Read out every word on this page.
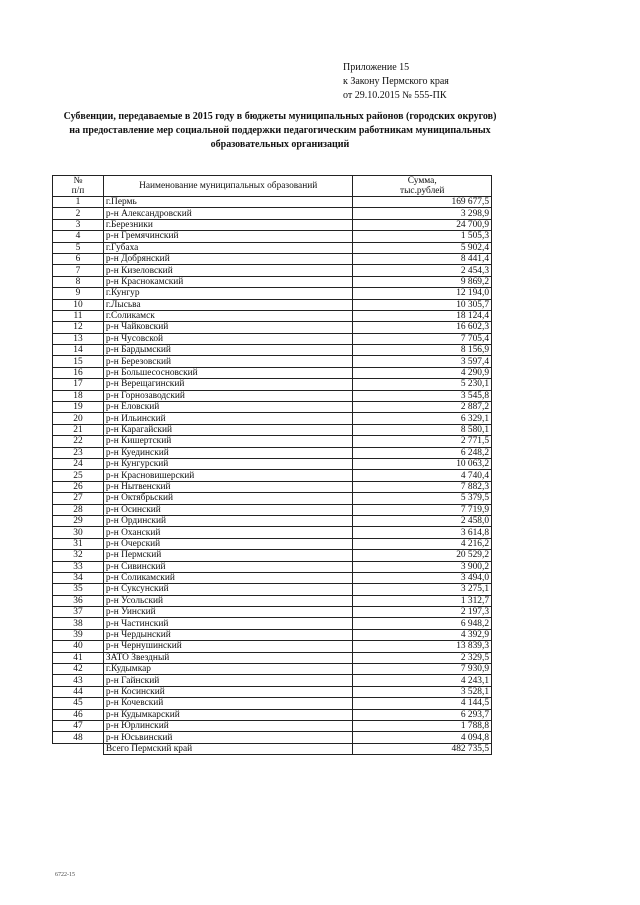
Приложение 15
к Закону Пермского края
от 29.10.2015 № 555-ПК
Субвенции, передаваемые в 2015 году в бюджеты муниципальных районов (городских округов) на предоставление мер социальной поддержки педагогическим работникам муниципальных образовательных организаций
№
п/п	Наименование муниципальных образований	Сумма,
тыс.рублей
1	г.Пермь	169 677,5
2	р-н Александровский	3 298,9
3	г.Березники	24 700,9
4	р-н Гремячинский	1 505,3
5	г.Губаха	5 902,4
6	р-н Добрянский	8 441,4
7	р-н Кизеловский	2 454,3
8	р-н Краснокамский	9 869,2
9	г.Кунгур	12 194,0
10	г.Лысьва	10 305,7
11	г.Соликамск	18 124,4
12	р-н Чайковский	16 602,3
13	р-н Чусовской	7 705,4
14	р-н Бардымский	8 156,9
15	р-н Березовский	3 597,4
16	р-н Большесосновский	4 290,9
17	р-н Верещагинский	5 230,1
18	р-н Горнозаводский	3 545,8
19	р-н Еловский	2 887,2
20	р-н Ильинский	6 329,1
21	р-н Карагайский	8 580,1
22	р-н Кишертский	2 771,5
23	р-н Куединский	6 248,2
24	р-н Кунгурский	10 063,2
25	р-н Красновишерский	4 740,4
26	р-н Нытвенский	7 882,3
27	р-н Октябрьский	5 379,5
28	р-н Осинский	7 719,9
29	р-н Ординский	2 458,0
30	р-н Оханский	3 614,8
31	р-н Очерский	4 216,2
32	р-н Пермский	20 529,2
33	р-н Сивинский	3 900,2
34	р-н Соликамский	3 494,0
35	р-н Суксунский	3 275,1
36	р-н Усольский	1 312,7
37	р-н Уинский	2 197,3
38	р-н Частинский	6 948,2
39	р-н Чердынский	4 392,9
40	р-н Чернушинский	13 839,3
41	ЗАТО Звездный	2 329,5
42	г.Кудымкар	7 930,9
43	р-н Гайнский	4 243,1
44	р-н Косинский	3 528,1
45	р-н Кочевский	4 144,5
46	р-н Кудымкарский	6 293,7
47	р-н Юрлинский	1 788,8
48	р-н Юсьвинский	4 094,8
	Всего Пермский край	482 735,5
6722-15
